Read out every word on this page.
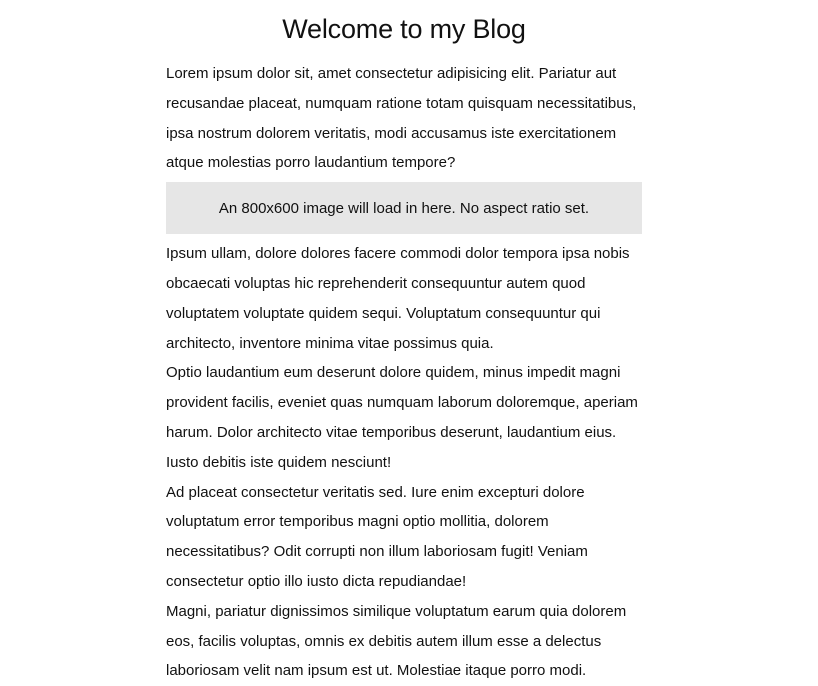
Welcome to my Blog

Lorem ipsum dolor sit, amet consectetur adipisicing elit. Pariatur aut recusandae placeat, numquam ratione totam quisquam necessitatibus, ipsa nostrum dolorem veritatis, modi accusamus iste exercitationem atque molestias porro laudantium tempore?

An 800x600 image will load in here. No aspect ratio set.

Ipsum ullam, dolore dolores facere commodi dolor tempora ipsa nobis obcaecati voluptas hic reprehenderit consequuntur autem quod voluptatem voluptate quidem sequi. Voluptatum consequuntur qui architecto, inventore minima vitae possimus quia.

Optio laudantium eum deserunt dolore quidem, minus impedit magni provident facilis, eveniet quas numquam laborum doloremque, aperiam harum. Dolor architecto vitae temporibus deserunt, laudantium eius. Iusto debitis iste quidem nesciunt!

Ad placeat consectetur veritatis sed. Iure enim excepturi dolore voluptatum error temporibus magni optio mollitia, dolorem necessitatibus? Odit corrupti non illum laboriosam fugit! Veniam consectetur optio illo iusto dicta repudiandae!

Magni, pariatur dignissimos similique voluptatum earum quia dolorem eos, facilis voluptas, omnis ex debitis autem illum esse a delectus laboriosam velit nam ipsum est ut. Molestiae itaque porro modi.
